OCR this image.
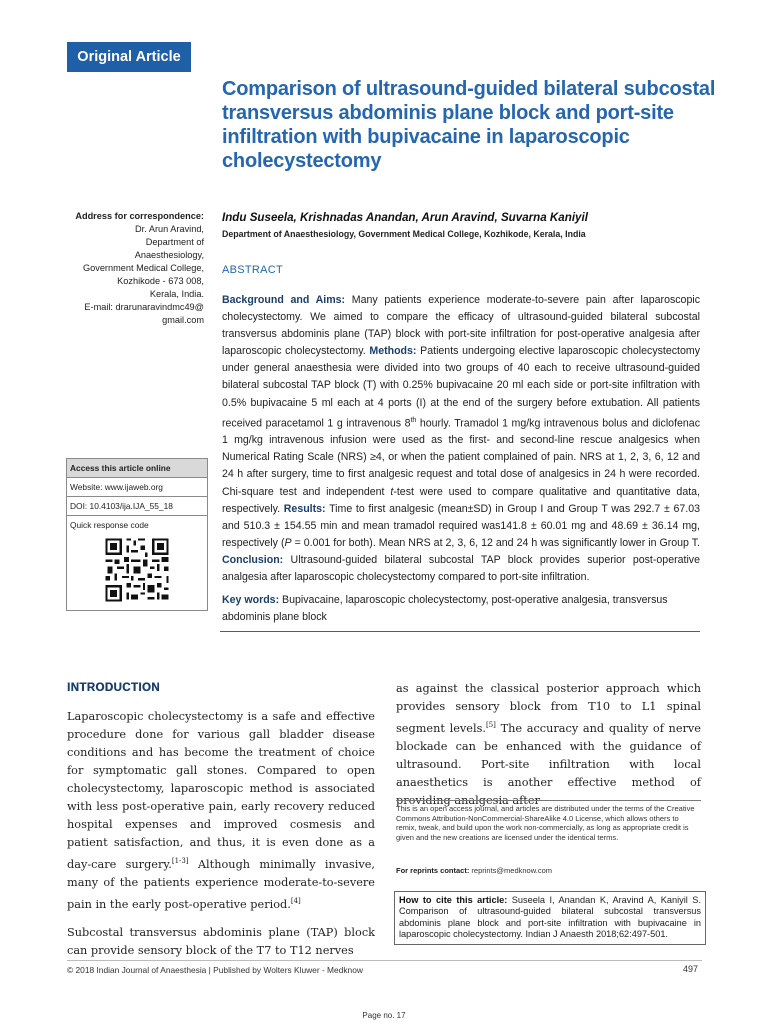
Original Article
Comparison of ultrasound-guided bilateral subcostal transversus abdominis plane block and port-site infiltration with bupivacaine in laparoscopic cholecystectomy
Address for correspondence:
Dr. Arun Aravind,
Department of
Anaesthesiology,
Government Medical College,
Kozhikode - 673 008,
Kerala, India.
E-mail: drarunaravindmc49@
gmail.com
Indu Suseela, Krishnadas Anandan, Arun Aravind, Suvarna Kaniyil
Department of Anaesthesiology, Government Medical College, Kozhikode, Kerala, India
ABSTRACT
Background and Aims: Many patients experience moderate-to-severe pain after laparoscopic cholecystectomy. We aimed to compare the efficacy of ultrasound-guided bilateral subcostal transversus abdominis plane (TAP) block with port-site infiltration for post-operative analgesia after laparoscopic cholecystectomy. Methods: Patients undergoing elective laparoscopic cholecystectomy under general anaesthesia were divided into two groups of 40 each to receive ultrasound-guided bilateral subcostal TAP block (T) with 0.25% bupivacaine 20 ml each side or port-site infiltration with 0.5% bupivacaine 5 ml each at 4 ports (I) at the end of the surgery before extubation. All patients received paracetamol 1 g intravenous 8th hourly. Tramadol 1 mg/kg intravenous bolus and diclofenac 1 mg/kg intravenous infusion were used as the first- and second-line rescue analgesics when Numerical Rating Scale (NRS) ≥4, or when the patient complained of pain. NRS at 1, 2, 3, 6, 12 and 24 h after surgery, time to first analgesic request and total dose of analgesics in 24 h were recorded. Chi-square test and independent t-test were used to compare qualitative and quantitative data, respectively. Results: Time to first analgesic (mean±SD) in Group I and Group T was 292.7 ± 67.03 and 510.3 ± 154.55 min and mean tramadol required was141.8 ± 60.01 mg and 48.69 ± 36.14 mg, respectively (P = 0.001 for both). Mean NRS at 2, 3, 6, 12 and 24 h was significantly lower in Group T. Conclusion: Ultrasound-guided bilateral subcostal TAP block provides superior post-operative analgesia after laparoscopic cholecystectomy compared to port-site infiltration.
Key words: Bupivacaine, laparoscopic cholecystectomy, post-operative analgesia, transversus abdominis plane block
Access this article online
Website: www.ijaweb.org
DOI: 10.4103/ija.IJA_55_18
Quick response code
INTRODUCTION

Laparoscopic cholecystectomy is a safe and effective procedure done for various gall bladder disease conditions and has become the treatment of choice for symptomatic gall stones. Compared to open cholecystectomy, laparoscopic method is associated with less post-operative pain, early recovery reduced hospital expenses and improved cosmesis and patient satisfaction, and thus, it is even done as a day-care surgery.[1-3] Although minimally invasive, many of the patients experience moderate-to-severe pain in the early post-operative period.[4]

Subcostal transversus abdominis plane (TAP) block can provide sensory block of the T7 to T12 nerves

as against the classical posterior approach which provides sensory block from T10 to L1 spinal segment levels.[5] The accuracy and quality of nerve blockade can be enhanced with the guidance of ultrasound. Port-site infiltration with local anaesthetics is another effective method of providing analgesia after

This is an open access journal, and articles are distributed under the terms of the Creative Commons Attribution-NonCommercial-ShareAlike 4.0 License, which allows others to remix, tweak, and build upon the work non-commercially, as long as appropriate credit is given and the new creations are licensed under the identical terms.
For reprints contact: reprints@medknow.com
How to cite this article: Suseela I, Anandan K, Aravind A, Kaniyil S. Comparison of ultrasound-guided bilateral subcostal transversus abdominis plane block and port-site infiltration with bupivacaine in laparoscopic cholecystectomy. Indian J Anaesth 2018;62:497-501.
© 2018 Indian Journal of Anaesthesia | Published by Wolters Kluwer - Medknow	497
Page no. 17
